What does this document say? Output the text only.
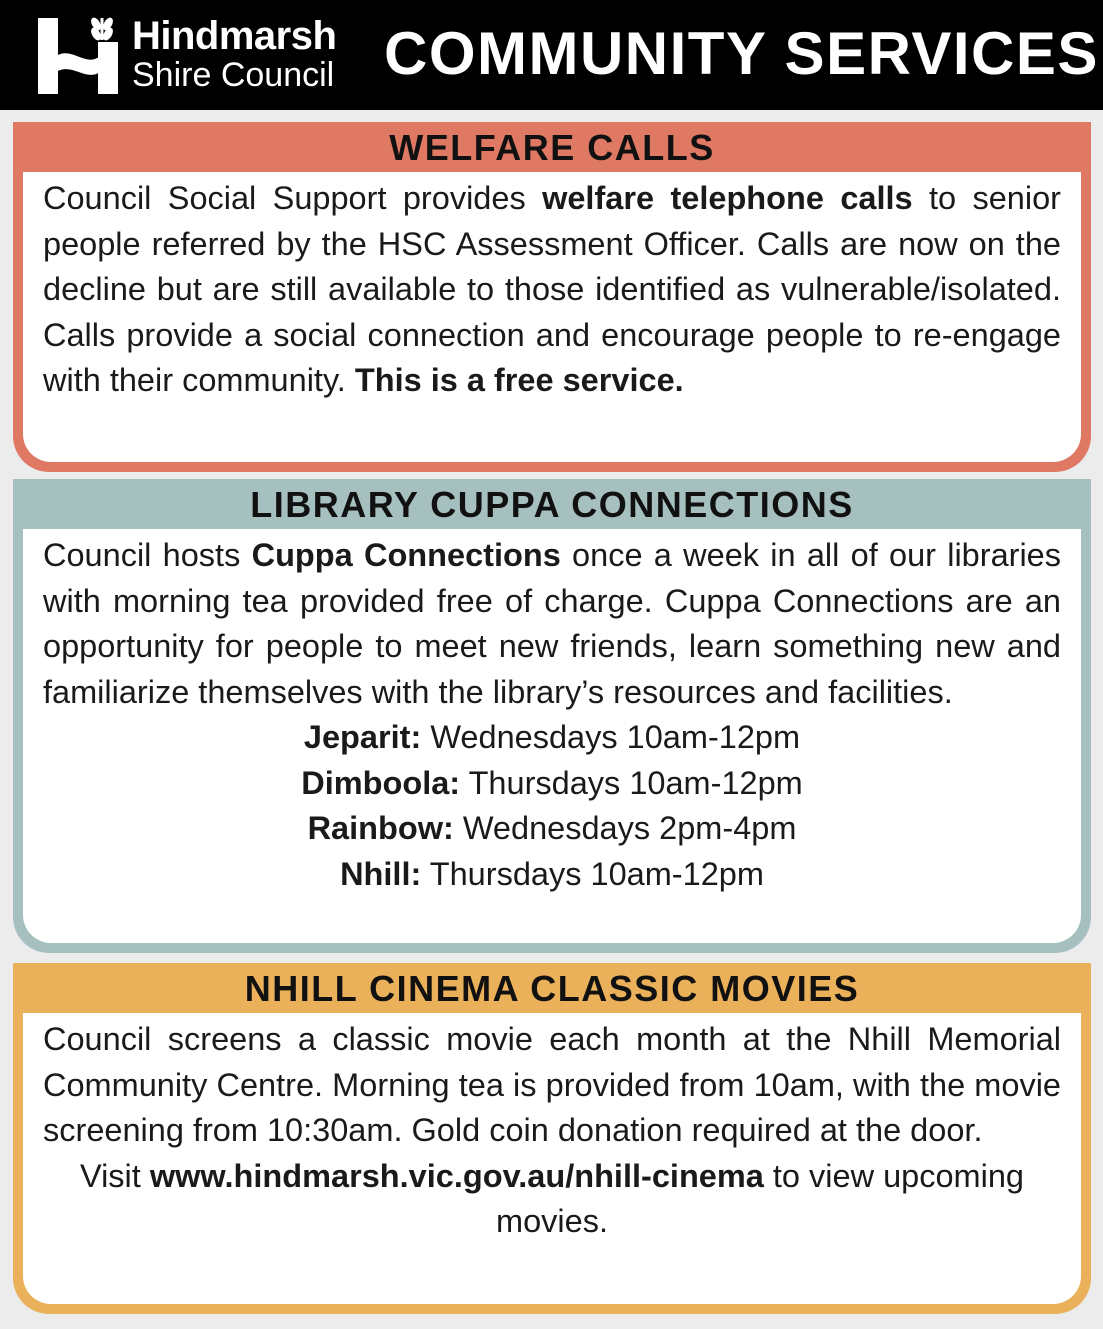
Hindmarsh
Shire Council COMMUNITY SERVICES
WELFARE CALLS

Council Social Support provides welfare telephone calls to senior people referred by the HSC Assessment Officer. Calls are now on the decline but are still available to those identified as vulnerable/isolated. Calls provide a social connection and encourage people to re-engage with their community. This is a free service.

LIBRARY CUPPA CONNECTIONS

Council hosts Cuppa Connections once a week in all of our libraries with morning tea provided free of charge. Cuppa Connections are an opportunity for people to meet new friends, learn something new and familiarize themselves with the library’s resources and facilities.

Jeparit: Wednesdays 10am-12pm

Dimboola: Thursdays 10am-12pm

Rainbow: Wednesdays 2pm-4pm

Nhill: Thursdays 10am-12pm

NHILL CINEMA CLASSIC MOVIES

Council screens a classic movie each month at the Nhill Memorial Community Centre. Morning tea is provided from 10am, with the movie screening from 10:30am. Gold coin donation required at the door.

Visit www.hindmarsh.vic.gov.au/nhill-cinema to view upcoming movies.
